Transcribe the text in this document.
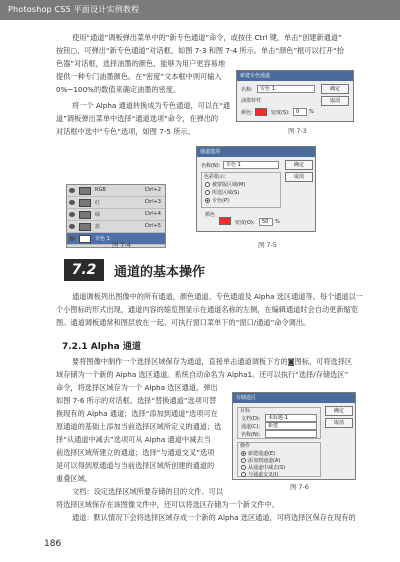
Photoshop CS5 平面设计实例教程
使用“通道”调板弹出菜单中的“新专色通道”命令，或按住 Ctrl 键，单击“创建新通道”
按钮▢，可弹出“新专色通道”对话框，如图 7-3 和图 7-4 所示。单击“颜色”框可以打开“拾
色器”对话框，选择油墨的颜色，能够为用户更容易地
提供一种专门油墨颜色。在“密度”文本框中则可输入
0%~100%的数值来确定油墨的密度。
将一个 Alpha 通道转换成为专色通道，可以在“通
道”调板弹出菜单中选择“通道选项”命令，在弹出的
对话框中选中“专色”选项，如图 7-5 所示。
新建专色通道
名称:	专色 1	确定
取消
油墨特性
颜色:	密度(S):	0	%
图 7-3
RGB	Ctrl+2
红	Ctrl+3
绿	Ctrl+4
蓝	Ctrl+5
专色 1
图 7-4
通道选项
名称(N):	专色 1	确定
取消
色彩指示:
被蒙版区域(M)
所选区域(S)
专色(P)
颜色
密度(O):	50	%
图 7-5
7.2	通道的基本操作
通道调板列出图像中的所有通道，颜色通道、专色通道及 Alpha 选区通道等。每个通道以一
个小图标的形式出现，通道内容的缩览图显示在通道名称的左侧，在编辑通道时会自动更新缩览
图。通道调板通常和图层放在一起，可执行窗口菜单下的“窗口/通道”命令调出。
7.2.1 Alpha 通道
要将图像中制作一个选择区域保存为通道，直接单击通道调板下方的◙图标，可将选择区
域存储为一个新的 Alpha 选区通道。系统自动命名为 Alpha1。还可以执行“选择/存储选区”
命令，将选择区域存为一个 Alpha 选区通道，弹出
如图 7-6 所示的对话框。选择“替换通道”选项可替
换现有的 Alpha 通道；选择“添加到通道”选项可在
原通道的基础上添加当前选择区域所定义的通道；选
择“从通道中减去”选项可从 Alpha 通道中减去当
前选择区域所建立的通道；选择“与通道交叉”选项
是可以得到原通道与当前选择区域所创建的通道的
重叠区域。
文档：设定选择区域所要存储的目的文件。可以
将选择区域保存在该图像文件中，还可以将选区存储为一个新文件中。
通道：默认情况下会将选择区域存成一个新的 Alpha 选区通道，可将选择区保存在现有的
存储选区
确定
取消
目标
文档(D):	未标题-1
通道(C):	新建
名称(N):
操作
新建通道(E)
添加到通道(A)
从通道中减去(S)
与通道交叉(I)
图 7-6
186
